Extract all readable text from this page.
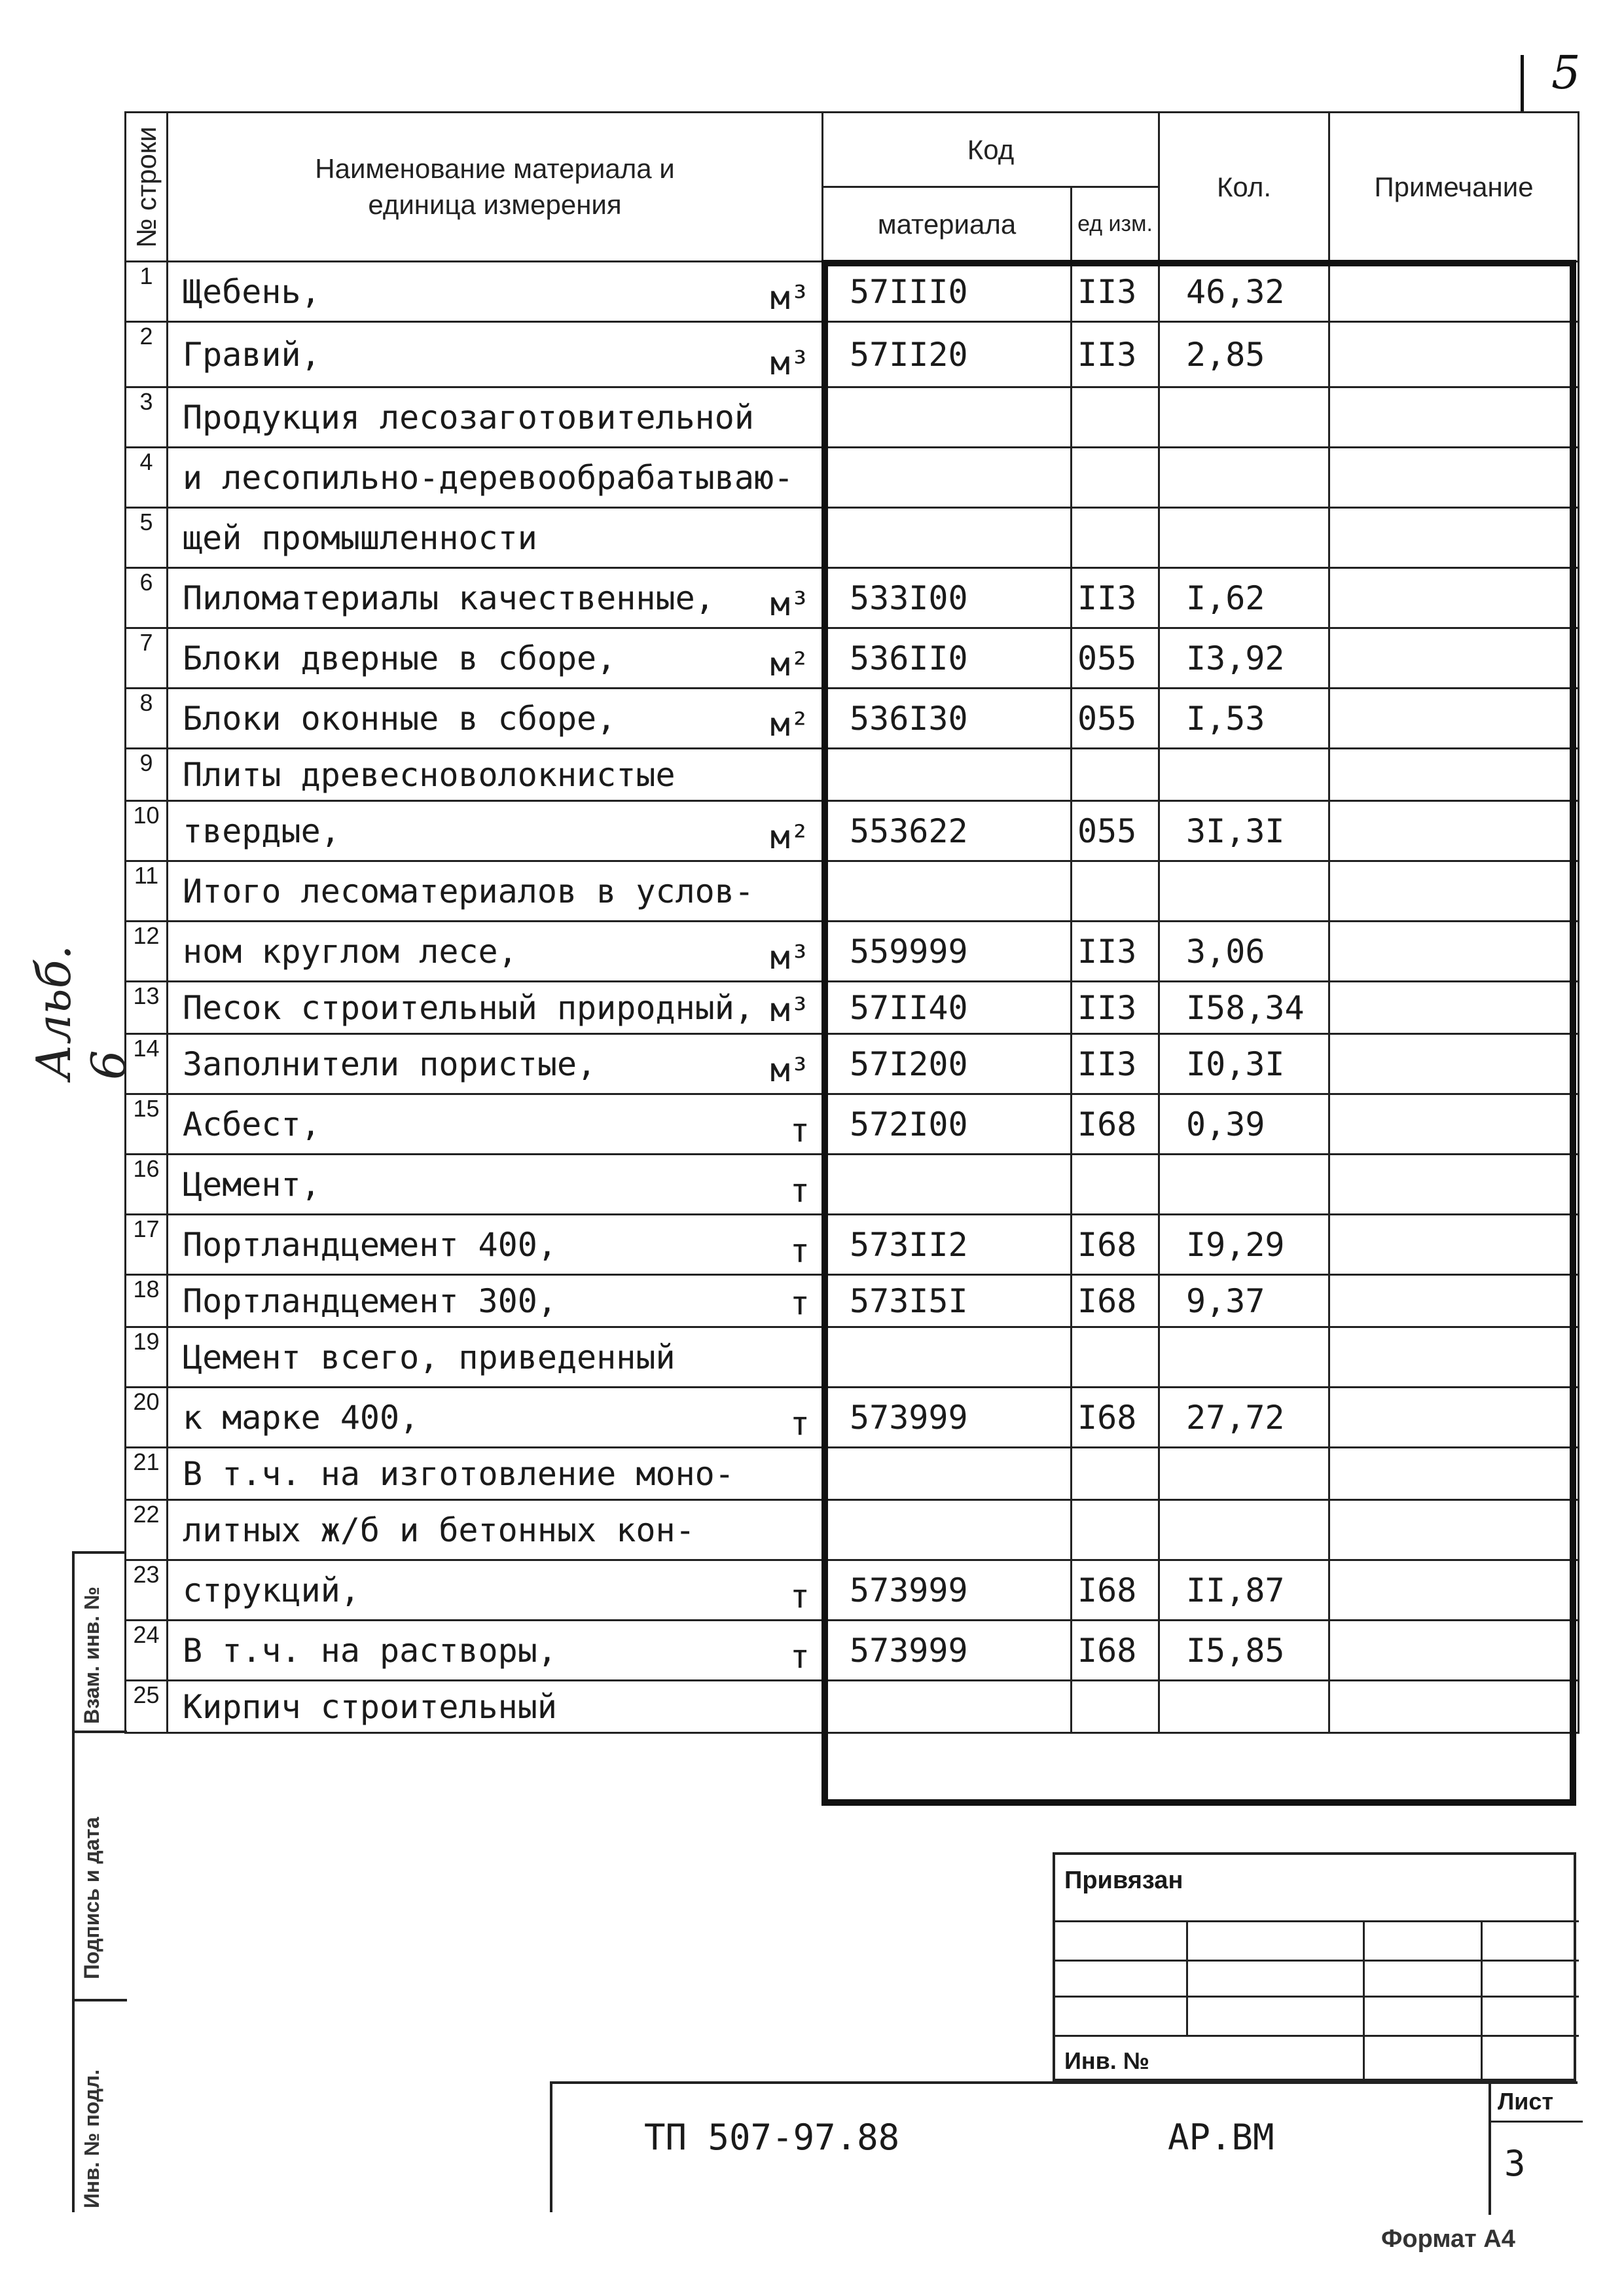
5
Альб. 6
№ строки	Наименование материала и
единица измерения	Код		Кол.	Примечание
		материала	ед изм.		
1	Щебень, м³	57III0	II3	46,32	
2	Гравий, м³	57II20	II3	2,85	
3	Продукция лесозаготовительной

4	и лесопильно-деревообрабатываю-

5	щей промышленности

6	Пиломатериалы качественные, м³	533I00	II3	I,62	
7	Блоки дверные в сборе, м²	536II0	055	I3,92	
8	Блоки оконные в сборе, м²	536I30	055	I,53	
9	Плиты древесноволокнистые

10	твердые, м²	553622	055	3I,3I	
11	Итого лесоматериалов в услов-

12	ном круглом лесе, м³	559999	II3	3,06	
13	Песок строительный природный, м³	57II40	II3	I58,34	
14	Заполнители пористые, м³	57I200	II3	I0,3I	
15	Асбест, т	572I00	I68	0,39	
16	Цемент, т				

17	Портландцемент 400, т	573II2	I68	I9,29	
18	Портландцемент 300, т	573I5I	I68	9,37	
19	Цемент всего, приведенный

20	к марке 400, т	573999	I68	27,72	
21	В т.ч. на изготовление моно-

22	литных ж/б и бетонных кон-

23	струкций, т	573999	I68	II,87	
24	В т.ч. на растворы, т	573999	I68	I5,85	
25	Кирпич строительный

Взам. инв. №
Подпись и дата
Инв. № подл.
Привязан
Инв. №
ТП 507-97.88	АР.ВМ
Лист
3
Формат А4
